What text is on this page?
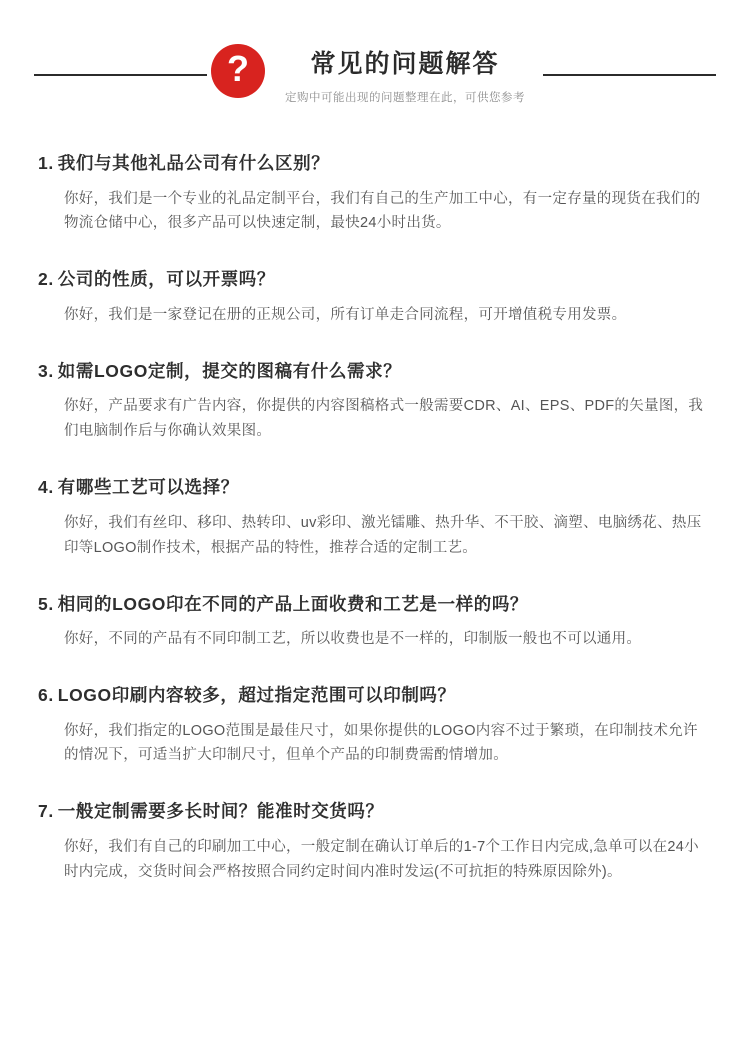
?	常见的问题解答
定购中可能出现的问题整理在此，可供您参考
1. 我们与其他礼品公司有什么区别？
你好，我们是一个专业的礼品定制平台，我们有自己的生产加工中心，有一定存量的现货在我们的物流仓储中心，很多产品可以快速定制，最快24小时出货。
2. 公司的性质，可以开票吗？
你好，我们是一家登记在册的正规公司，所有订单走合同流程，可开增值税专用发票。
3. 如需LOGO定制，提交的图稿有什么需求？
你好，产品要求有广告内容，你提供的内容图稿格式一般需要CDR、AI、EPS、PDF的矢量图，我们电脑制作后与你确认效果图。
4. 有哪些工艺可以选择？
你好，我们有丝印、移印、热转印、uv彩印、激光镭雕、热升华、不干胶、滴塑、电脑绣花、热压印等LOGO制作技术，根据产品的特性，推荐合适的定制工艺。
5. 相同的LOGO印在不同的产品上面收费和工艺是一样的吗？
你好，不同的产品有不同印制工艺，所以收费也是不一样的，印制版一般也不可以通用。
6. LOGO印刷内容较多，超过指定范围可以印制吗？
你好，我们指定的LOGO范围是最佳尺寸，如果你提供的LOGO内容不过于繁琐，在印制技术允许的情况下，可适当扩大印制尺寸，但单个产品的印制费需酌情增加。
7. 一般定制需要多长时间？能准时交货吗？
你好，我们有自己的印刷加工中心，一般定制在确认订单后的1-7个工作日内完成,急单可以在24小时内完成，交货时间会严格按照合同约定时间内准时发运(不可抗拒的特殊原因除外)。
